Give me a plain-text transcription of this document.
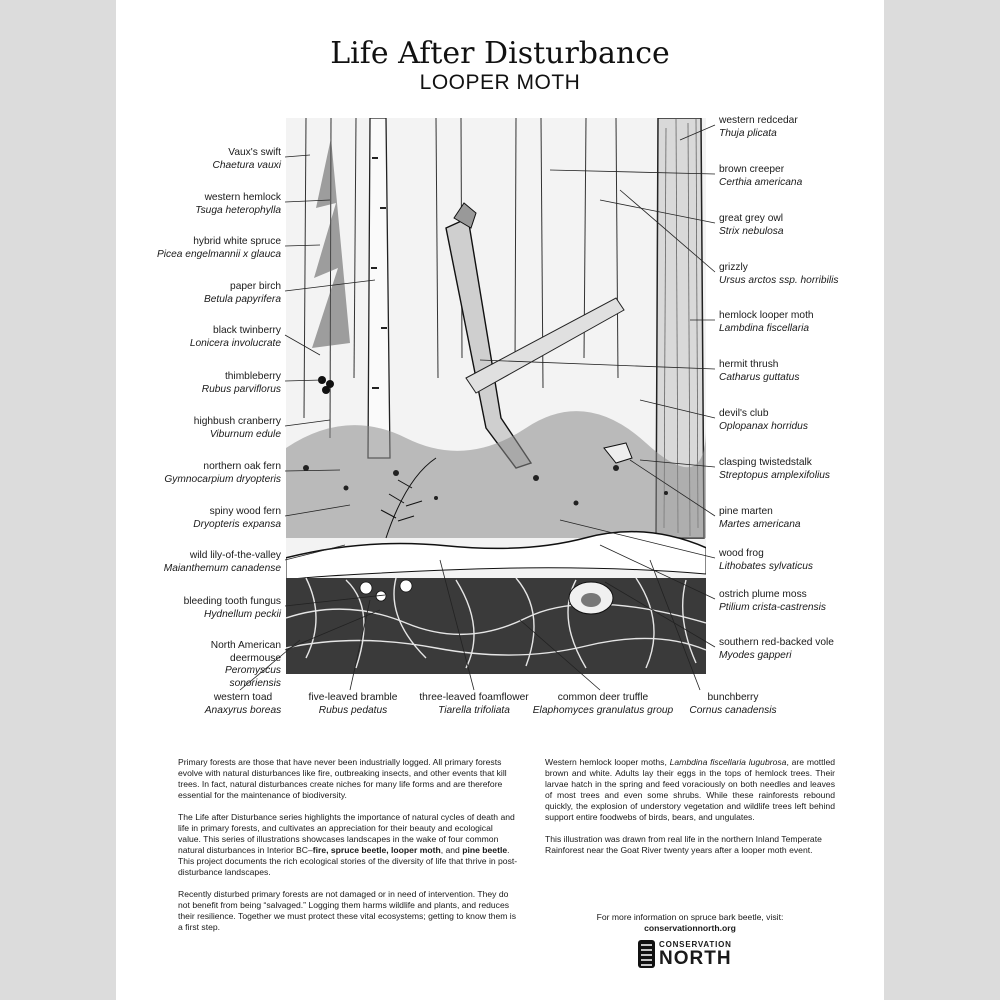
Life After Disturbance
LOOPER MOTH
Vaux's swift
Chaetura vauxi
western hemlock
Tsuga heterophylla
hybrid white spruce
Picea engelmannii x glauca
paper birch
Betula papyrifera
black twinberry
Lonicera involucrate
thimbleberry
Rubus parviflorus
highbush cranberry
Viburnum edule
northern oak fern
Gymnocarpium dryopteris
spiny wood fern
Dryopteris expansa
wild lily-of-the-valley
Maianthemum canadense
bleeding tooth fungus
Hydnellum peckii
North American deermouse
Peromyscus sonoriensis
western redcedar
Thuja plicata
brown creeper
Certhia americana
great grey owl
Strix nebulosa
grizzly
Ursus arctos ssp. horribilis
hemlock looper moth
Lambdina fiscellaria
hermit thrush
Catharus guttatus
devil's club
Oplopanax horridus
clasping twistedstalk
Streptopus amplexifolius
pine marten
Martes americana
wood frog
Lithobates sylvaticus
ostrich plume moss
Ptilium crista-castrensis
southern red-backed vole
Myodes gapperi
western toad
Anaxyrus boreas
five-leaved bramble
Rubus pedatus
three-leaved foamflower
Tiarella trifoliata
common deer truffle
Elaphomyces granulatus group
bunchberry
Cornus canadensis

Primary forests are those that have never been industrially logged. All primary forests evolve with natural disturbances like fire, outbreaking insects, and other events that kill trees. In fact, natural disturbances create niches for many life forms and are therefore essential for the maintenance of biodiversity.

The Life after Disturbance series highlights the importance of natural cycles of death and life in primary forests, and cultivates an appreciation for their beauty and ecological value. This series of illustrations showcases landscapes in the wake of four common natural disturbances in Interior BC–fire, spruce beetle, looper moth, and pine beetle. This project documents the rich ecological stories of the diversity of life that thrive in post-disturbance landscapes.

Recently disturbed primary forests are not damaged or in need of intervention. They do not benefit from being “salvaged.” Logging them harms wildlife and plants, and reduces their resilience. Together we must protect these vital ecosystems; getting to know them is a first step.

Western hemlock looper moths, Lambdina fiscellaria lugubrosa, are mottled brown and white. Adults lay their eggs in the tops of hemlock trees. Their larvae hatch in the spring and feed voraciously on both needles and leaves of most trees and even some shrubs. While these rainforests rebound quickly, the explosion of understory vegetation and wildlife trees left behind support entire foodwebs of birds, bears, and ungulates.

This illustration was drawn from real life in the northern Inland Temperate Rainforest near the Goat River twenty years after a looper moth event.

For more information on spruce bark beetle, visit:
conservationnorth.org
CONSERVATION
NORTH
